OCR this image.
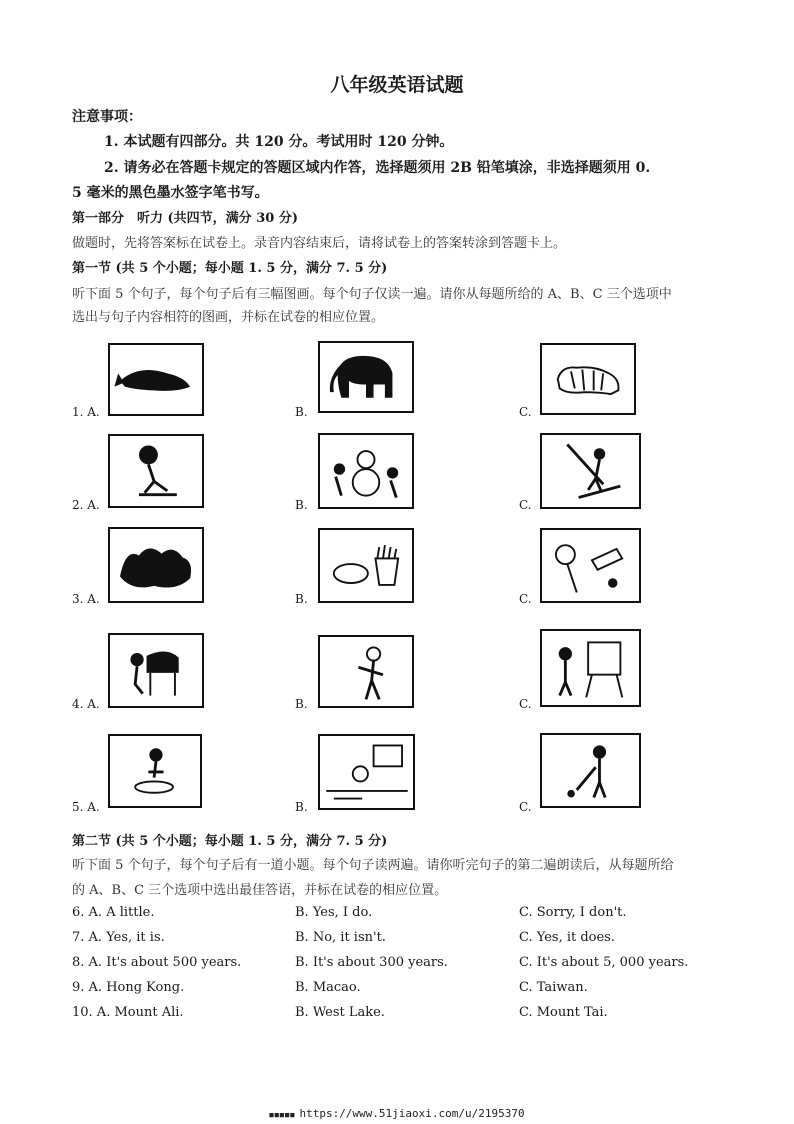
八年级英语试题
注意事项：
1. 本试题有四部分。共 120 分。考试用时 120 分钟。
2. 请务必在答题卡规定的答题区域内作答，选择题须用 2B 铅笔填涂，非选择题须用 0.
5 毫米的黑色墨水签字笔书写。
第一部分　听力 (共四节，满分 30 分)
做题时，先将答案标在试卷上。录音内容结束后，请将试卷上的答案转涂到答题卡上。
第一节 (共 5 个小题；每小题 1. 5 分，满分 7. 5 分)
听下面 5 个句子，每个句子后有三幅图画。每个句子仅读一遍。请你从每题所给的 A、B、C 三个选项中
选出与句子内容相符的图画，并标在试卷的相应位置。
1. A.	B.	C.
2. A.	B.	C.
3. A.	B.	C.
4. A.	B.	C.
5. A.	B.	C.
第二节 (共 5 个小题；每小题 1. 5 分，满分 7. 5 分)
听下面 5 个句子，每个句子后有一道小题。每个句子读两遍。请你听完句子的第二遍朗读后，从每题所给
的 A、B、C 三个选项中选出最佳答语，并标在试卷的相应位置。
6. A. A little.	B. Yes, I do.	C. Sorry, I don't.
7. A. Yes, it is.	B. No, it isn't.	C. Yes, it does.
8. A. It's about 500 years.	B. It's about 300 years.	C. It's about 5, 000 years.
9. A. Hong Kong.	B. Macao.	C. Taiwan.
10. A. Mount Ali.	B. West Lake.	C. Mount Tai.
■■■■■ https://www.51jiaoxi.com/u/2195370
